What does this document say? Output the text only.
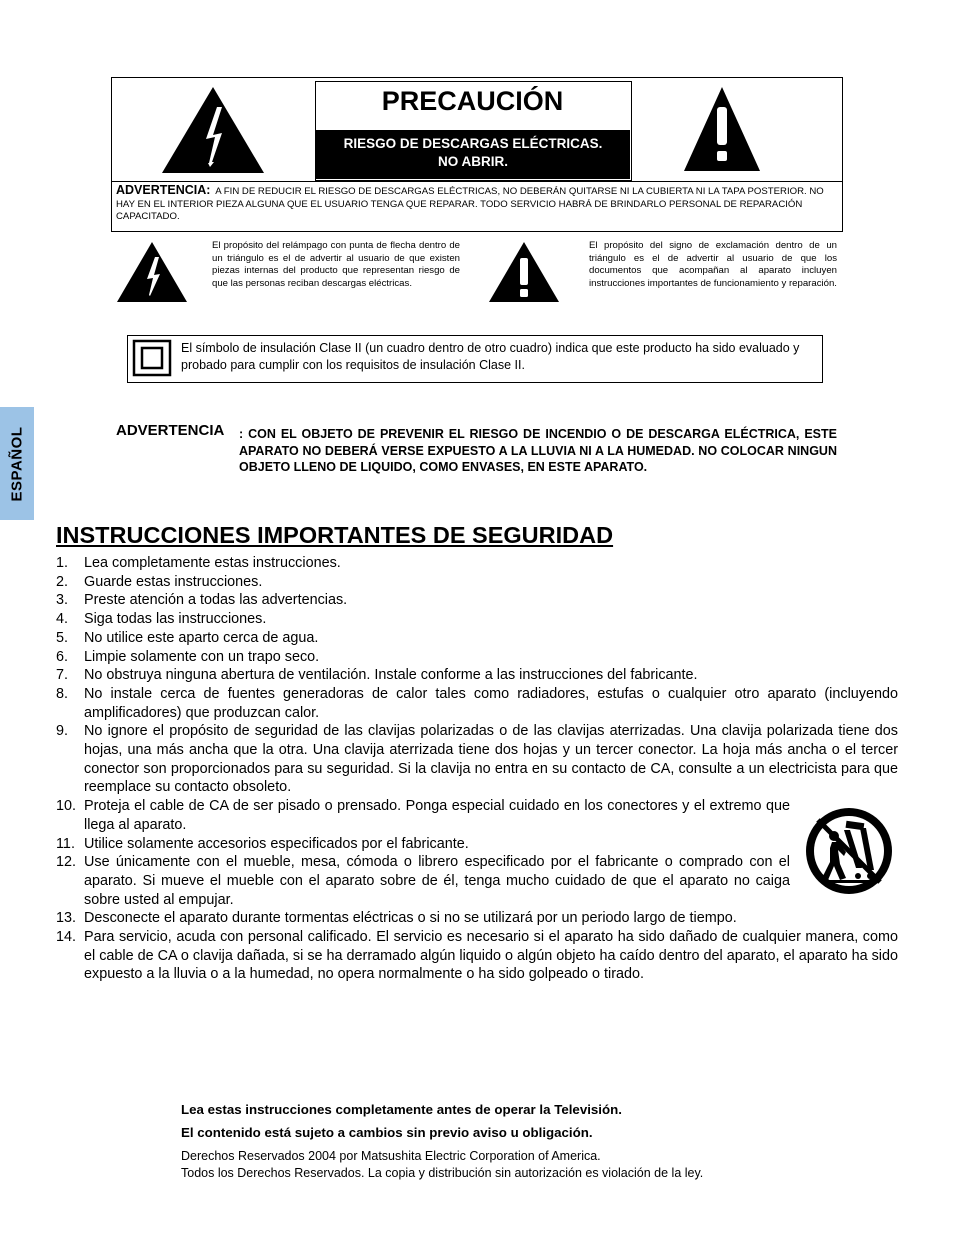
ESPAÑOL
PRECAUCIÓN
RIESGO DE DESCARGAS ELÉCTRICAS.
NO ABRIR.
ADVERTENCIA: A FIN DE REDUCIR EL RIESGO DE DESCARGAS ELÉCTRICAS, NO DEBERÁN QUITARSE NI LA CUBIERTA NI LA TAPA POSTERIOR. NO HAY EN EL INTERIOR PIEZA ALGUNA QUE EL USUARIO TENGA QUE REPARAR. TODO SERVICIO HABRÁ DE BRINDARLO PERSONAL DE REPARACIÓN CAPACITADO.
El propósito del relámpago con punta de flecha dentro de un triángulo es el de advertir al usuario de que existen piezas internas del producto que representan riesgo de que las personas reciban descargas eléctricas.
El propósito del signo de exclamación dentro de un triángulo es el de advertir al usuario de que los documentos que acompañan al aparato incluyen instrucciones importantes de funcionamiento y reparación.
El símbolo de insulación Clase II (un cuadro dentro de otro cuadro) indica que este producto ha sido evaluado y probado para cumplir con los requisitos de insulación Clase II.
ADVERTENCIA : CON EL OBJETO DE PREVENIR EL RIESGO DE INCENDIO O DE DESCARGA ELÉCTRICA, ESTE APARATO NO DEBERÁ VERSE EXPUESTO A LA LLUVIA NI A LA HUMEDAD. NO COLOCAR NINGUN OBJETO LLENO DE LIQUIDO, COMO ENVASES, EN ESTE APARATO.
INSTRUCCIONES IMPORTANTES DE SEGURIDAD
1. Lea completamente estas instrucciones.
2. Guarde estas instrucciones.
3. Preste atención a todas las advertencias.
4. Siga todas las instrucciones.
5. No utilice este aparto cerca de agua.
6. Limpie solamente con un trapo seco.
7. No obstruya ninguna abertura de ventilación. Instale conforme a las instrucciones del fabricante.
8. No instale cerca de fuentes generadoras de calor tales como radiadores, estufas o cualquier otro aparato (incluyendo amplificadores) que produzcan calor.
9. No ignore el propósito de seguridad de las clavijas polarizadas o de las clavijas aterrizadas. Una clavija polarizada tiene dos hojas, una más ancha que la otra. Una clavija aterrizada tiene dos hojas y un tercer conector. La hoja más ancha o el tercer conector son proporcionados para su seguridad. Si la clavija no entra en su contacto de CA, consulte a un electricista para que reemplace su contacto obsoleto.
10. Proteja el cable de CA de ser pisado o prensado. Ponga especial cuidado en los conectores y el extremo que llega al aparato.
11. Utilice solamente accesorios especificados por el fabricante.
12. Use únicamente con el mueble, mesa, cómoda o librero especificado por el fabricante o comprado con el aparato. Si mueve el mueble con el aparato sobre de él, tenga mucho cuidado de que el aparato no caiga sobre usted al empujar.
13. Desconecte el aparato durante tormentas eléctricas o si no se utilizará por un periodo largo de tiempo.
14. Para servicio, acuda con personal calificado. El servicio es necesario si el aparato ha sido dañado de cualquier manera, como el cable de CA o clavija dañada, si se ha derramado algún liquido o algún objeto ha caído dentro del aparato, el aparato ha sido expuesto a la lluvia o a la humedad, no opera normalmente o ha sido golpeado o tirado.
Lea estas instrucciones completamente antes de operar la Televisión.
El contenido está sujeto a cambios sin previo aviso u obligación.
Derechos Reservados 2004 por Matsushita Electric Corporation of America.
Todos los Derechos Reservados. La copia y distribución sin autorización es violación de la ley.
